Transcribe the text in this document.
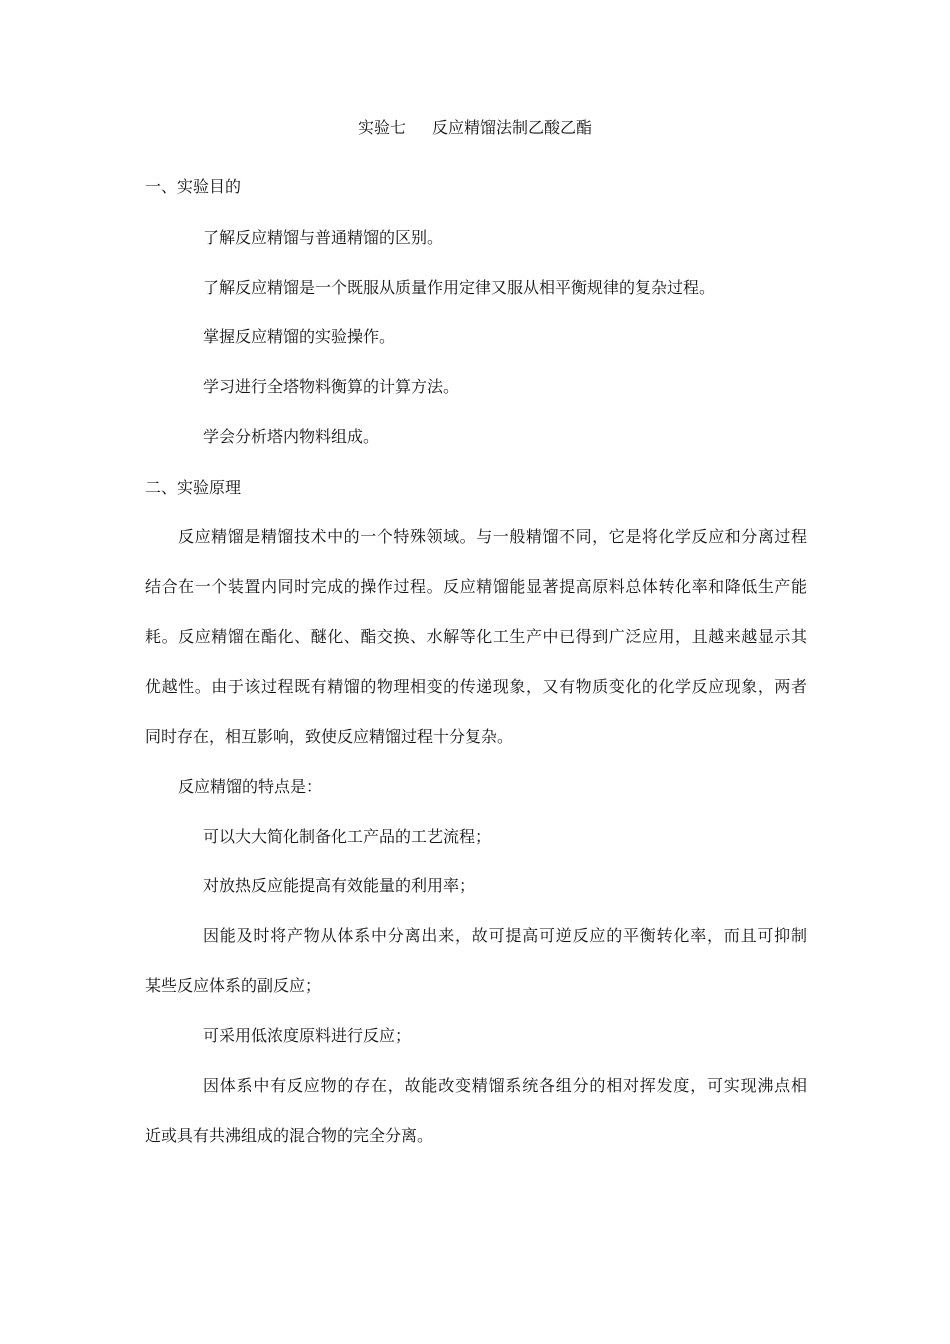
实验七 反应精馏法制乙酸乙酯
一、实验目的
了解反应精馏与普通精馏的区别。
了解反应精馏是一个既服从质量作用定律又服从相平衡规律的复杂过程。
掌握反应精馏的实验操作。
学习进行全塔物料衡算的计算方法。
学会分析塔内物料组成。
二、实验原理
反应精馏是精馏技术中的一个特殊领域。与一般精馏不同，它是将化学反应和分离过程
结合在一个装置内同时完成的操作过程。反应精馏能显著提高原料总体转化率和降低生产能
耗。反应精馏在酯化、醚化、酯交换、水解等化工生产中已得到广泛应用，且越来越显示其
优越性。由于该过程既有精馏的物理相变的传递现象，又有物质变化的化学反应现象，两者
同时存在，相互影响，致使反应精馏过程十分复杂。
反应精馏的特点是：
可以大大简化制备化工产品的工艺流程；
对放热反应能提高有效能量的利用率；
因能及时将产物从体系中分离出来，故可提高可逆反应的平衡转化率，而且可抑制
某些反应体系的副反应；
可采用低浓度原料进行反应；
因体系中有反应物的存在，故能改变精馏系统各组分的相对挥发度，可实现沸点相
近或具有共沸组成的混合物的完全分离。
